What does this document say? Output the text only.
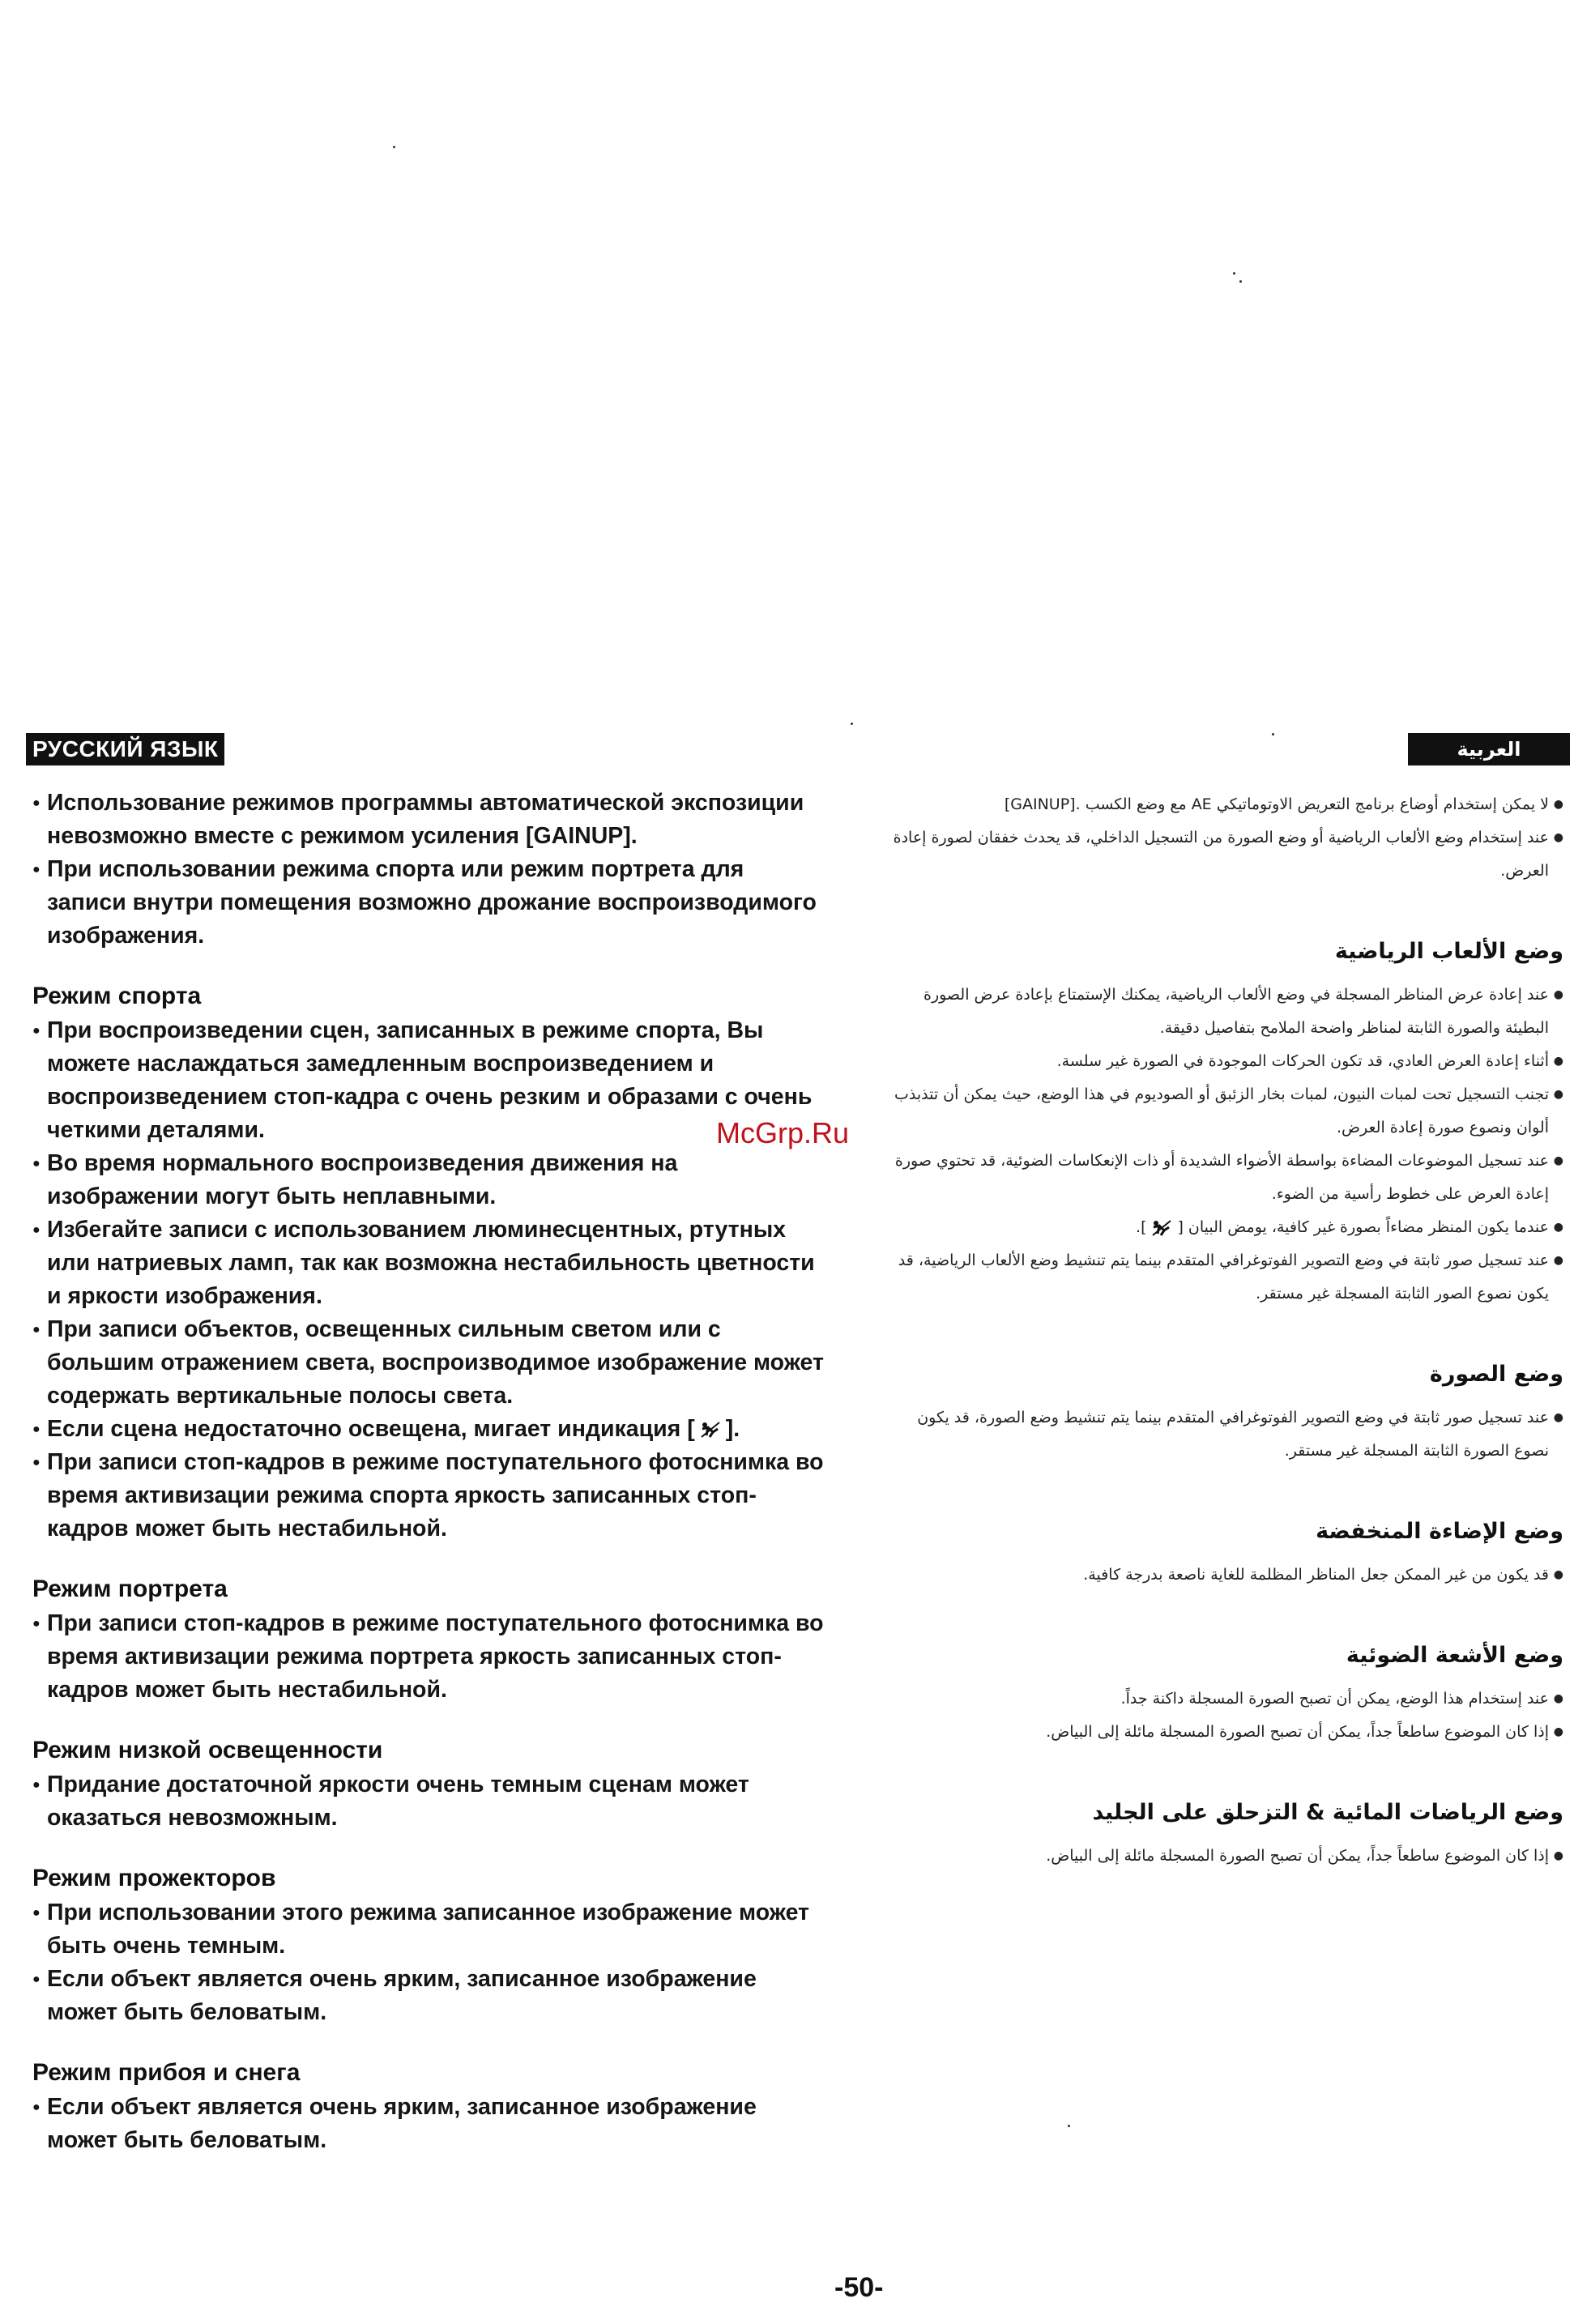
РУССКИЙ ЯЗЫК
● Использование режимов программы автоматической экспозиции невозможно вместе с режимом усиления [GAINUP].
● При использовании режима спорта или режим портрета для записи внутри помещения возможно дрожание воспроизводимого изображения.
Режим спорта
● При воспроизведении сцен, записанных в режиме спорта, Вы можете наслаждаться замедленным воспроизведением и воспроизведением стоп-кадра с очень резким и образами с очень четкими деталями.
● Во время нормального воспроизведения движения на изображении могут быть неплавными.
● Избегайте записи с использованием люминесцентных, ртутных или натриевых ламп, так как возможна нестабильность цветности и яркости изображения.
● При записи объектов, освещенных сильным светом или с большим отражением света, воспроизводимое изображение может содержать вертикальные полосы света.
● Если сцена недостаточно освещена, мигает индикация [ ].
● При записи стоп-кадров в режиме поступательного фотоснимка во время активизации режима спорта яркость записанных стоп-кадров может быть нестабильной.
Режим портрета
● При записи стоп-кадров в режиме поступательного фотоснимка во время активизации режима портрета яркость записанных стоп-кадров может быть нестабильной.
Режим низкой освещенности
● Придание достаточной яркости очень темным сценам может оказаться невозможным.
Режим прожекторов
● При использовании этого режима записанное изображение может быть очень темным.
● Если объект является очень ярким, записанное изображение может быть беловатым.
Режим прибоя и снега
● Если объект является очень ярким, записанное изображение может быть беловатым.
العربية
● لا يمكن إستخدام أوضاع برنامج التعريض الاوتوماتيكي AE مع وضع الكسب [GAINUP].
● عند إستخدام وضع الألعاب الرياضية أو وضع الصورة من التسجيل الداخلي، قد يحدث خفقان لصورة إعادة العرض.
وضع الألعاب الرياضية
● عند إعادة عرض المناظر المسجلة في وضع الألعاب الرياضية، يمكنك الإستمتاع بإعادة عرض الصورة البطيئة والصورة الثابتة لمناظر واضحة الملامح بتفاصيل دقيقة.
● أثناء إعادة العرض العادي، قد تكون الحركات الموجودة في الصورة غير سلسة.
● تجنب التسجيل تحت لمبات النيون، لمبات بخار الزئبق أو الصوديوم في هذا الوضع، حيث يمكن أن تتذبذب ألوان ونصوع صورة إعادة العرض.
● عند تسجيل الموضوعات المضاءة بواسطة الأضواء الشديدة أو ذات الإنعكاسات الضوئية، قد تحتوي صورة إعادة العرض على خطوط رأسية من الضوء.
● عندما يكون المنظر مضاءاً بصورة غير كافية، يومض البيان [].
● عند تسجيل صور ثابتة في وضع التصوير الفوتوغرافي المتقدم بينما يتم تنشيط وضع الألعاب الرياضية، قد يكون نصوع الصور الثابتة المسجلة غير مستقر.
وضع الصورة
● عند تسجيل صور ثابتة في وضع التصوير الفوتوغرافي المتقدم بينما يتم تنشيط وضع الصورة، قد يكون نصوع الصورة الثابتة المسجلة غير مستقر.
وضع الإضاءة المنخفضة
● قد يكون من غير الممكن جعل المناظر المظلمة للغاية ناصعة بدرجة كافية.
وضع الأشعة الضوئية
● عند إستخدام هذا الوضع، يمكن أن تصبح الصورة المسجلة داكنة جداً.
● إذا كان الموضوع ساطعاً جداً، يمكن أن تصبح الصورة المسجلة مائلة إلى البياض.
وضع الرياضات المائية & التزحلق على الجليد
● إذا كان الموضوع ساطعاً جداً، يمكن أن تصبح الصورة المسجلة مائلة إلى البياض.
McGrp.Ru
-50-
